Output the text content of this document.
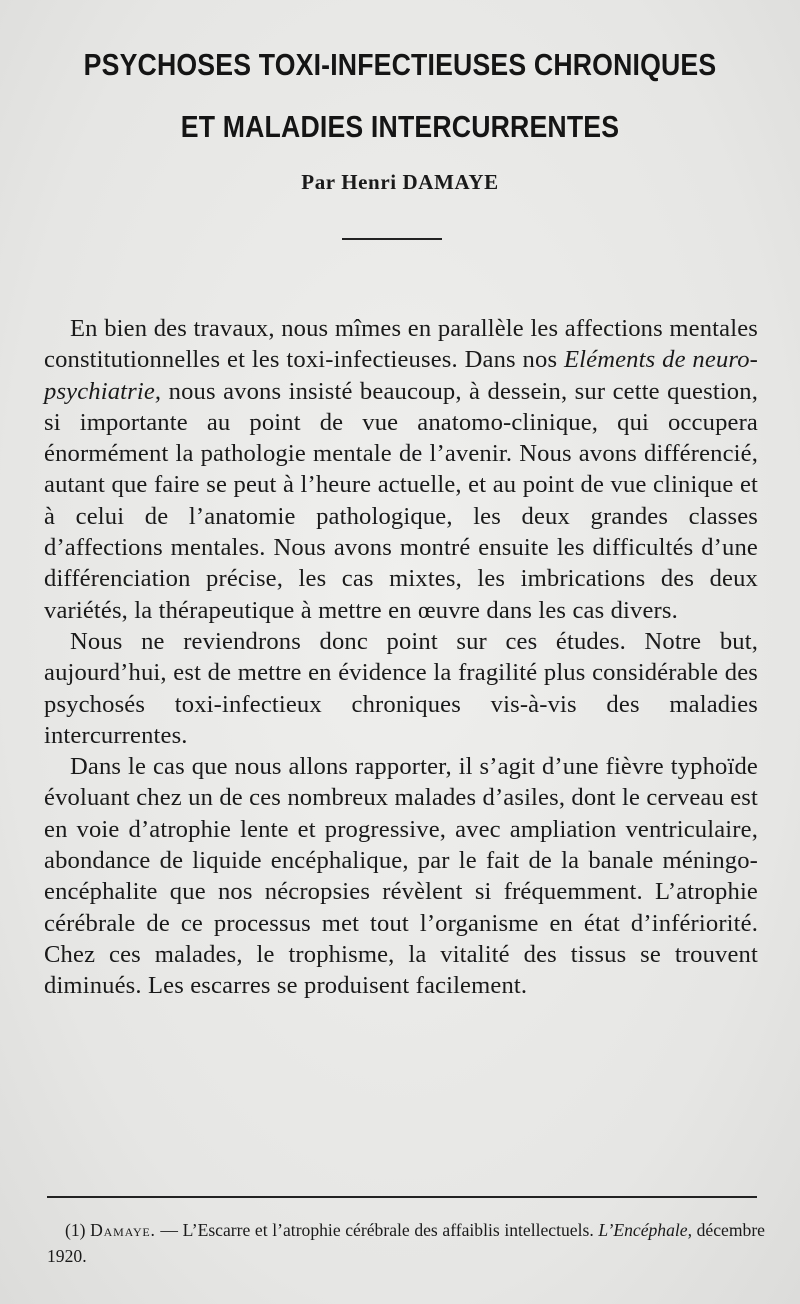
PSYCHOSES TOXI-INFECTIEUSES CHRONIQUES
ET MALADIES INTERCURRENTES
Par Henri DAMAYE

En bien des travaux, nous mîmes en parallèle les affections mentales constitutionnelles et les toxi-infectieuses. Dans nos Eléments de neuro-psychiatrie, nous avons insisté beaucoup, à dessein, sur cette question, si importante au point de vue anatomo-clinique, qui occupera énormément la pathologie mentale de l’avenir. Nous avons différencié, autant que faire se peut à l’heure actuelle, et au point de vue clinique et à celui de l’anatomie pathologique, les deux grandes classes d’affections mentales. Nous avons montré ensuite les difficultés d’une différenciation précise, les cas mixtes, les imbrications des deux variétés, la thérapeutique à mettre en œuvre dans les cas divers.

Nous ne reviendrons donc point sur ces études. Notre but, aujourd’hui, est de mettre en évidence la fragilité plus considérable des psychosés toxi-infectieux chroniques vis-à-vis des maladies intercurrentes.

Dans le cas que nous allons rapporter, il s’agit d’une fièvre typhoïde évoluant chez un de ces nombreux malades d’asiles, dont le cerveau est en voie d’atrophie lente et progressive, avec ampliation ventriculaire, abondance de liquide encéphalique, par le fait de la banale méningo-encéphalite que nos nécropsies révèlent si fréquemment. L’atrophie cérébrale de ce processus met tout l’organisme en état d’infériorité. Chez ces malades, le trophisme, la vitalité des tissus se trouvent diminués. Les escarres se produisent facilement.

(1) Damaye. — L’Escarre et l’atrophie cérébrale des affaiblis intellectuels. L’Encéphale, décembre 1920.
